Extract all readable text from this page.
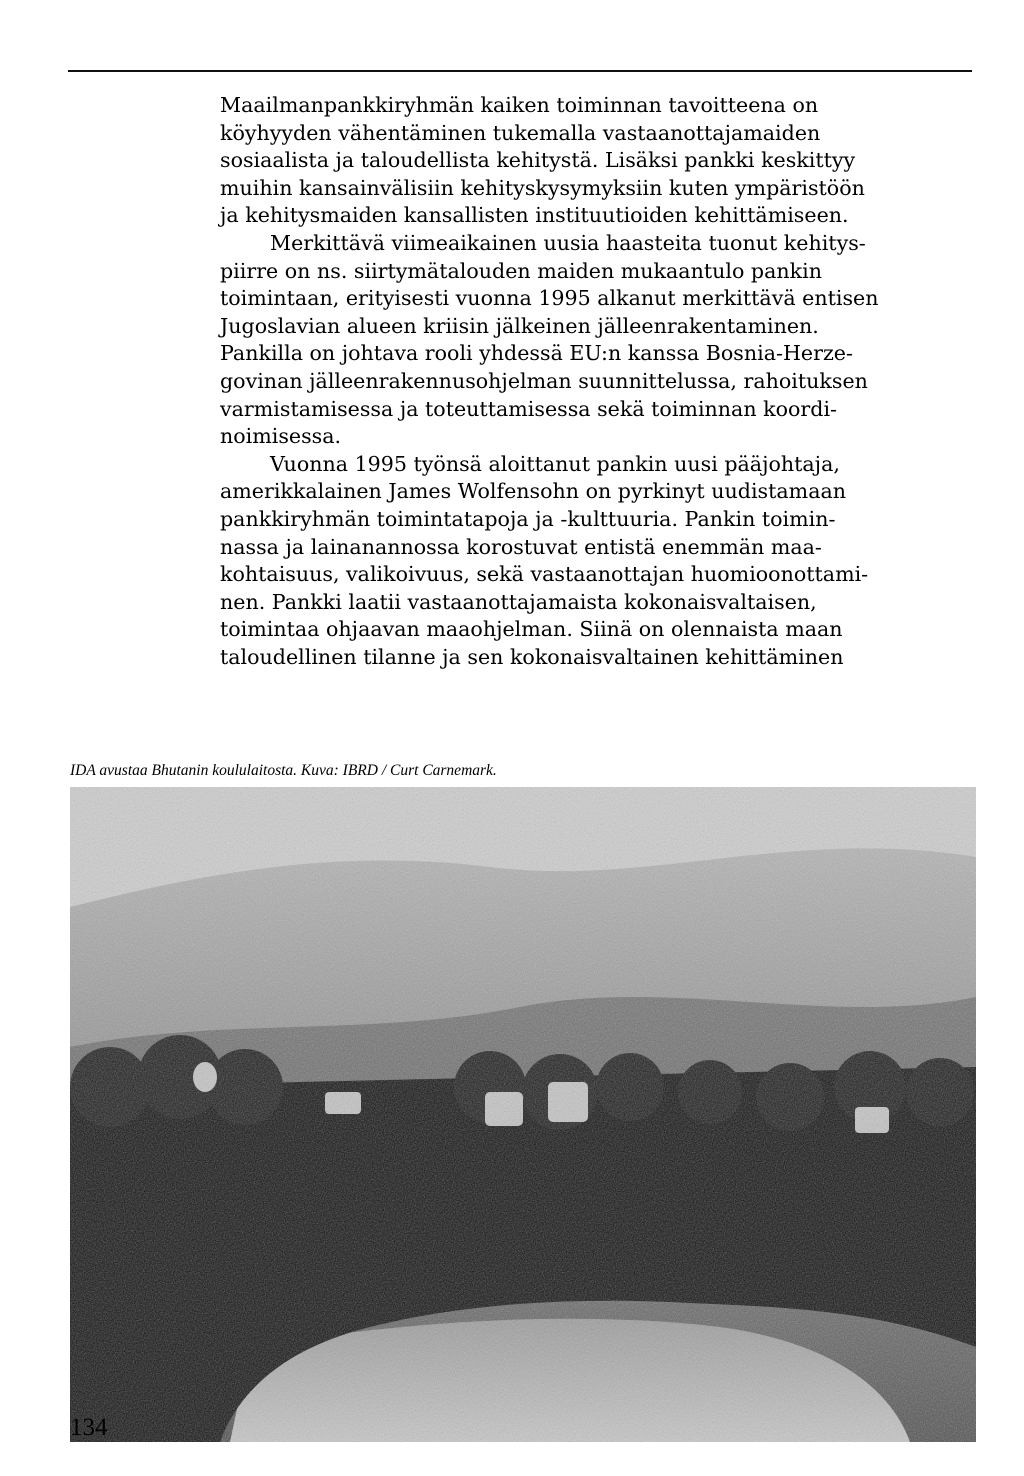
Maailmanpankkiryhmän kaiken toiminnan tavoitteena on

köyhyyden vähentäminen tukemalla vastaanottajamaiden

sosiaalista ja taloudellista kehitystä. Lisäksi pankki keskittyy

muihin kansainvälisiin kehityskysymyksiin kuten ympäristöön

ja kehitysmaiden kansallisten instituutioiden kehittämiseen.

Merkittävä viimeaikainen uusia haasteita tuonut kehitys-

piirre on ns. siirtymätalouden maiden mukaantulo pankin

toimintaan, erityisesti vuonna 1995 alkanut merkittävä entisen

Jugoslavian alueen kriisin jälkeinen jälleenrakentaminen.

Pankilla on johtava rooli yhdessä EU:n kanssa Bosnia-Herze-

govinan jälleenrakennusohjelman suunnittelussa, rahoituksen

varmistamisessa ja toteuttamisessa sekä toiminnan koordi-

noimisessa.

Vuonna 1995 työnsä aloittanut pankin uusi pääjohtaja,

amerikkalainen James Wolfensohn on pyrkinyt uudistamaan

pankkiryhmän toimintatapoja ja -kulttuuria. Pankin toimin-

nassa ja lainanannossa korostuvat entistä enemmän maa-

kohtaisuus, valikoivuus, sekä vastaanottajan huomioonottami-

nen. Pankki laatii vastaanottajamaista kokonaisvaltaisen,

toimintaa ohjaavan maaohjelman. Siinä on olennaista maan

taloudellinen tilanne ja sen kokonaisvaltainen kehittäminen

IDA avustaa Bhutanin koululaitosta. Kuva: IBRD / Curt Carnemark.
134
